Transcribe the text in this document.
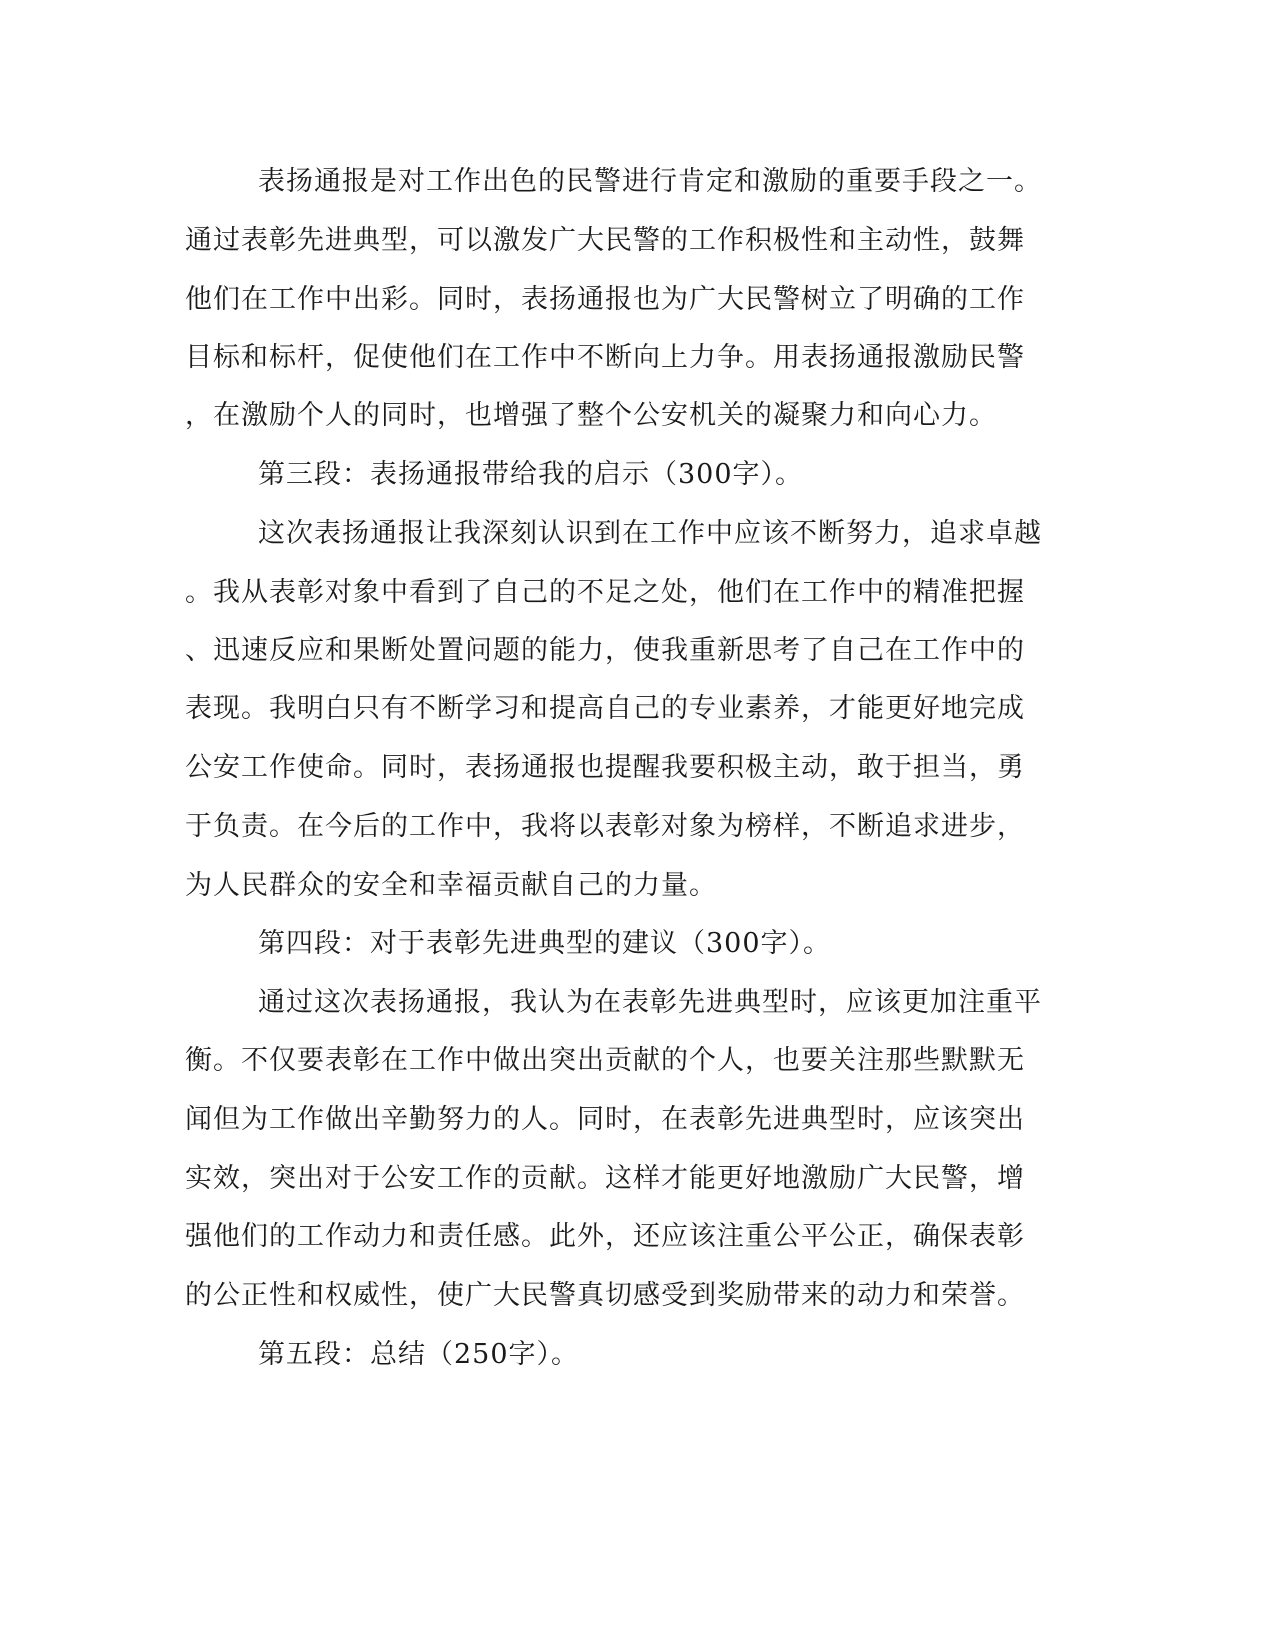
表扬通报是对工作出色的民警进行肯定和激励的重要手段之一。
通过表彰先进典型，可以激发广大民警的工作积极性和主动性，鼓舞
他们在工作中出彩。同时，表扬通报也为广大民警树立了明确的工作
目标和标杆，促使他们在工作中不断向上力争。用表扬通报激励民警
，在激励个人的同时，也增强了整个公安机关的凝聚力和向心力。
第三段：表扬通报带给我的启示（300字）。
这次表扬通报让我深刻认识到在工作中应该不断努力，追求卓越
。我从表彰对象中看到了自己的不足之处，他们在工作中的精准把握
、迅速反应和果断处置问题的能力，使我重新思考了自己在工作中的
表现。我明白只有不断学习和提高自己的专业素养，才能更好地完成
公安工作使命。同时，表扬通报也提醒我要积极主动，敢于担当，勇
于负责。在今后的工作中，我将以表彰对象为榜样，不断追求进步，
为人民群众的安全和幸福贡献自己的力量。
第四段：对于表彰先进典型的建议（300字）。
通过这次表扬通报，我认为在表彰先进典型时，应该更加注重平
衡。不仅要表彰在工作中做出突出贡献的个人，也要关注那些默默无
闻但为工作做出辛勤努力的人。同时，在表彰先进典型时，应该突出
实效，突出对于公安工作的贡献。这样才能更好地激励广大民警，增
强他们的工作动力和责任感。此外，还应该注重公平公正，确保表彰
的公正性和权威性，使广大民警真切感受到奖励带来的动力和荣誉。
第五段：总结（250字）。
